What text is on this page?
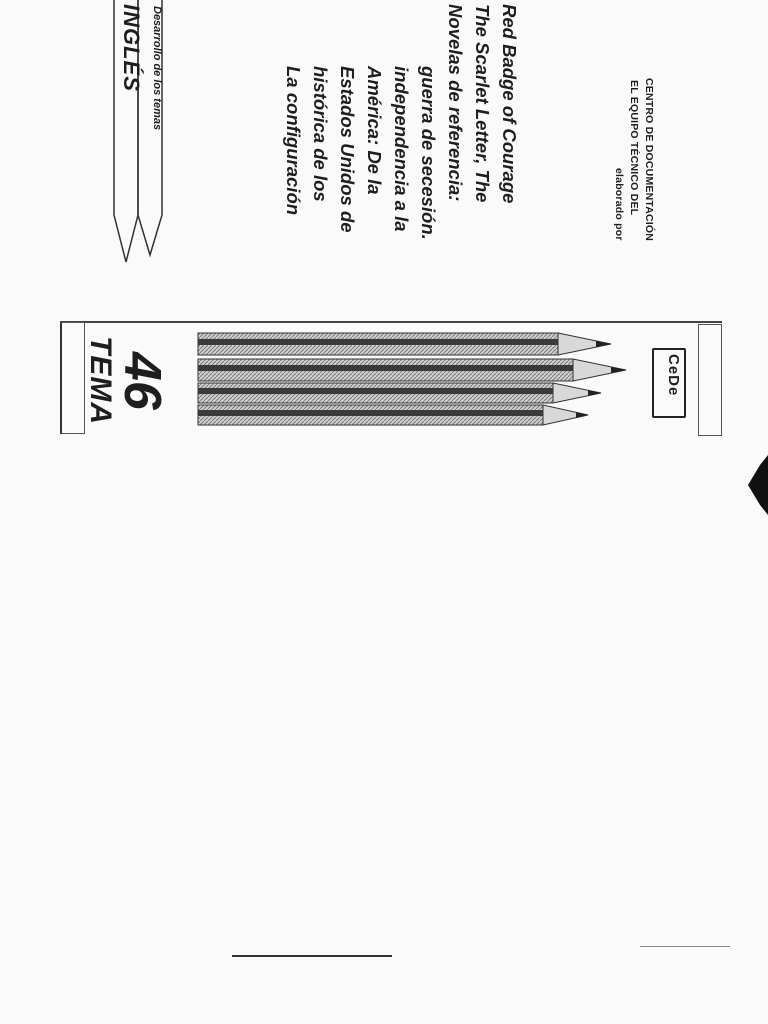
INGLÉS Desarrollo de los temas	La configuración histórica de los Estados Unidos de América: De la independencia a la guerra de secesión. Novelas de referencia: The Scarlet Letter, The Red Badge of Courage
elaborado por EL EQUIPO TÉCNICO DEL CENTRO DE DOCUMENTACIÓN
TEMA
46	CeDe
